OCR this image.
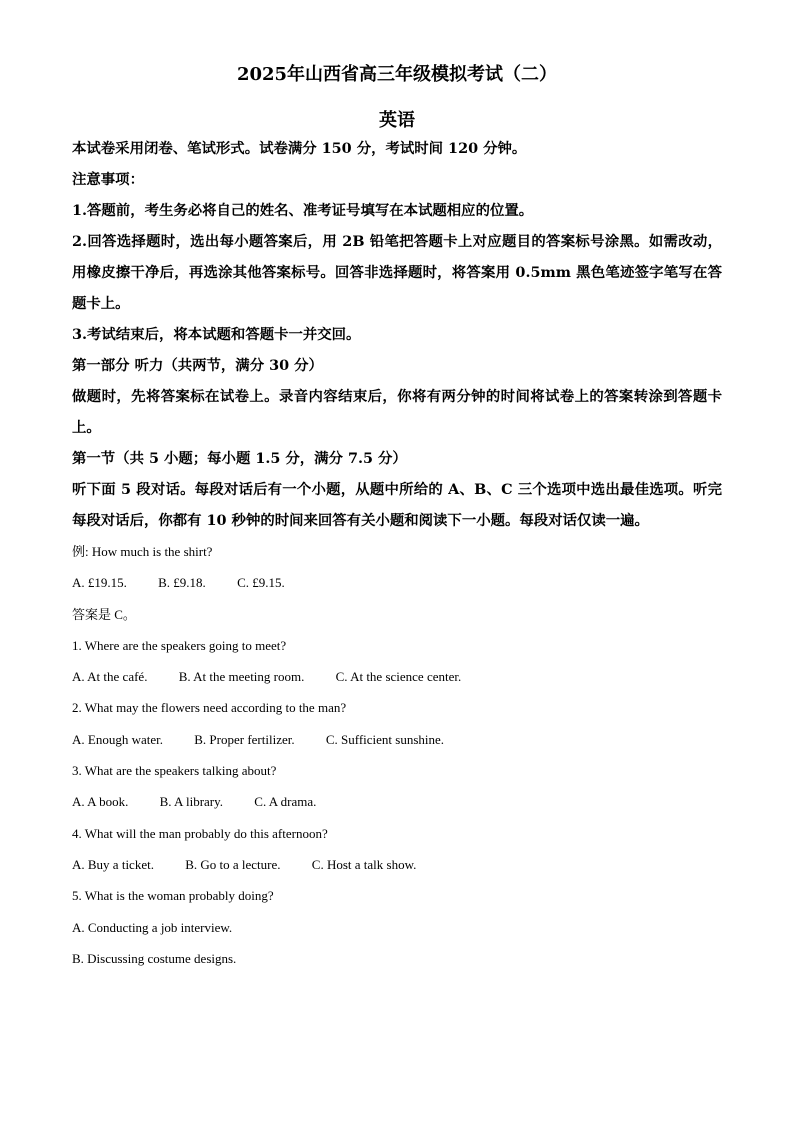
2025年山西省高三年级模拟考试（二）
英语

本试卷采用闭卷、笔试形式。试卷满分 150 分，考试时间 120 分钟。

注意事项：

1.答题前，考生务必将自己的姓名、准考证号填写在本试题相应的位置。

2.回答选择题时，选出每小题答案后，用 2B 铅笔把答题卡上对应题目的答案标号涂黑。如需改动，用橡皮擦干净后，再选涂其他答案标号。回答非选择题时，将答案用 0.5mm 黑色笔迹签字笔写在答题卡上。

3.考试结束后，将本试题和答题卡一并交回。

第一部分 听力（共两节，满分 30 分）

做题时，先将答案标在试卷上。录音内容结束后，你将有两分钟的时间将试卷上的答案转涂到答题卡上。

第一节（共 5 小题；每小题 1.5 分，满分 7.5 分）

听下面 5 段对话。每段对话后有一个小题，从题中所给的 A、B、C 三个选项中选出最佳选项。听完每段对话后，你都有 10 秒钟的时间来回答有关小题和阅读下一小题。每段对话仅读一遍。

例: How much is the shirt?

A. £19.15. B. £9.18. C. £9.15.

答案是 C。

1. Where are the speakers going to meet?

A. At the café. B. At the meeting room. C. At the science center.

2. What may the flowers need according to the man?

A. Enough water. B. Proper fertilizer. C. Sufficient sunshine.

3. What are the speakers talking about?

A. A book. B. A library. C. A drama.

4. What will the man probably do this afternoon?

A. Buy a ticket. B. Go to a lecture. C. Host a talk show.

5. What is the woman probably doing?

A. Conducting a job interview.

B. Discussing costume designs.
